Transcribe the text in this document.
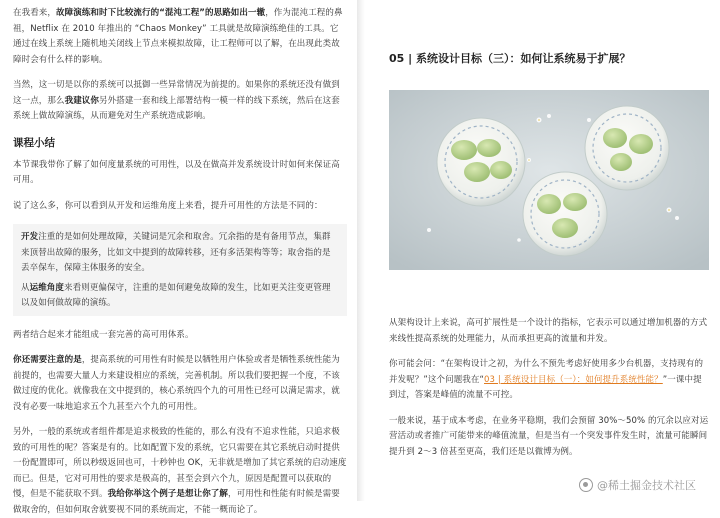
在我看来，故障演练和时下比较流行的“混沌工程”的思路如出一辙，作为混沌工程的鼻祖，Netflix 在 2010 年推出的 “Chaos Monkey” 工具就是故障演练绝佳的工具。它通过在线上系统上随机地关闭线上节点来模拟故障，让工程师可以了解，在出现此类故障时会有什么样的影响。

当然，这一切是以你的系统可以抵御一些异常情况为前提的。如果你的系统还没有做到这一点，那么我建议你另外搭建一套和线上部署结构一模一样的线下系统，然后在这套系统上做故障演练，从而避免对生产系统造成影响。

课程小结

本节课我带你了解了如何度量系统的可用性，以及在做高并发系统设计时如何来保证高可用。

说了这么多，你可以看到从开发和运维角度上来看，提升可用性的方法是不同的：

开发注重的是如何处理故障，关键词是冗余和取舍。冗余指的是有备用节点，集群来顶替出故障的服务，比如文中提到的故障转移，还有多活架构等等；取舍指的是丢卒保车，保障主体服务的安全。

从运维角度来看则更偏保守，注重的是如何避免故障的发生，比如更关注变更管理以及如何做故障的演练。

两者结合起来才能组成一套完善的高可用体系。

你还需要注意的是，提高系统的可用性有时候是以牺牲用户体验或者是牺牲系统性能为前提的，也需要大量人力来建设相应的系统，完善机制。所以我们要把握一个度，不该做过度的优化。就像我在文中提到的，核心系统四个九的可用性已经可以满足需求，就没有必要一味地追求五个九甚至六个九的可用性。

另外，一般的系统或者组件都是追求极致的性能的，那么有没有不追求性能，只追求极致的可用性的呢？答案是有的。比如配置下发的系统，它只需要在其它系统启动时提供一份配置即可，所以秒级返回也可，十秒钟也 OK，无非就是增加了其它系统的启动速度而已。但是，它对可用性的要求是极高的，甚至会到六个九，原因是配置可以获取的慢，但是不能获取不到。我给你举这个例子是想让你了解，可用性和性能有时候是需要做取舍的，但如何取舍就要视不同的系统而定，不能一概而论了。

05 | 系统设计目标（三）：如何让系统易于扩展？

从架构设计上来说，高可扩展性是一个设计的指标，它表示可以通过增加机器的方式来线性提高系统的处理能力，从而承担更高的流量和并发。

你可能会问：“在架构设计之初，为什么不预先考虑好使用多少台机器，支持现有的并发呢？”这个问题我在“03 | 系统设计目标（一）：如何提升系统性能？”一课中提到过，答案是峰值的流量不可控。

一般来说，基于成本考虑，在业务平稳期，我们会预留 30%～50% 的冗余以应对运营活动或者推广可能带来的峰值流量，但是当有一个突发事件发生时，流量可能瞬间提升到 2～3 倍甚至更高，我们还是以微博为例。

@稀土掘金技术社区
